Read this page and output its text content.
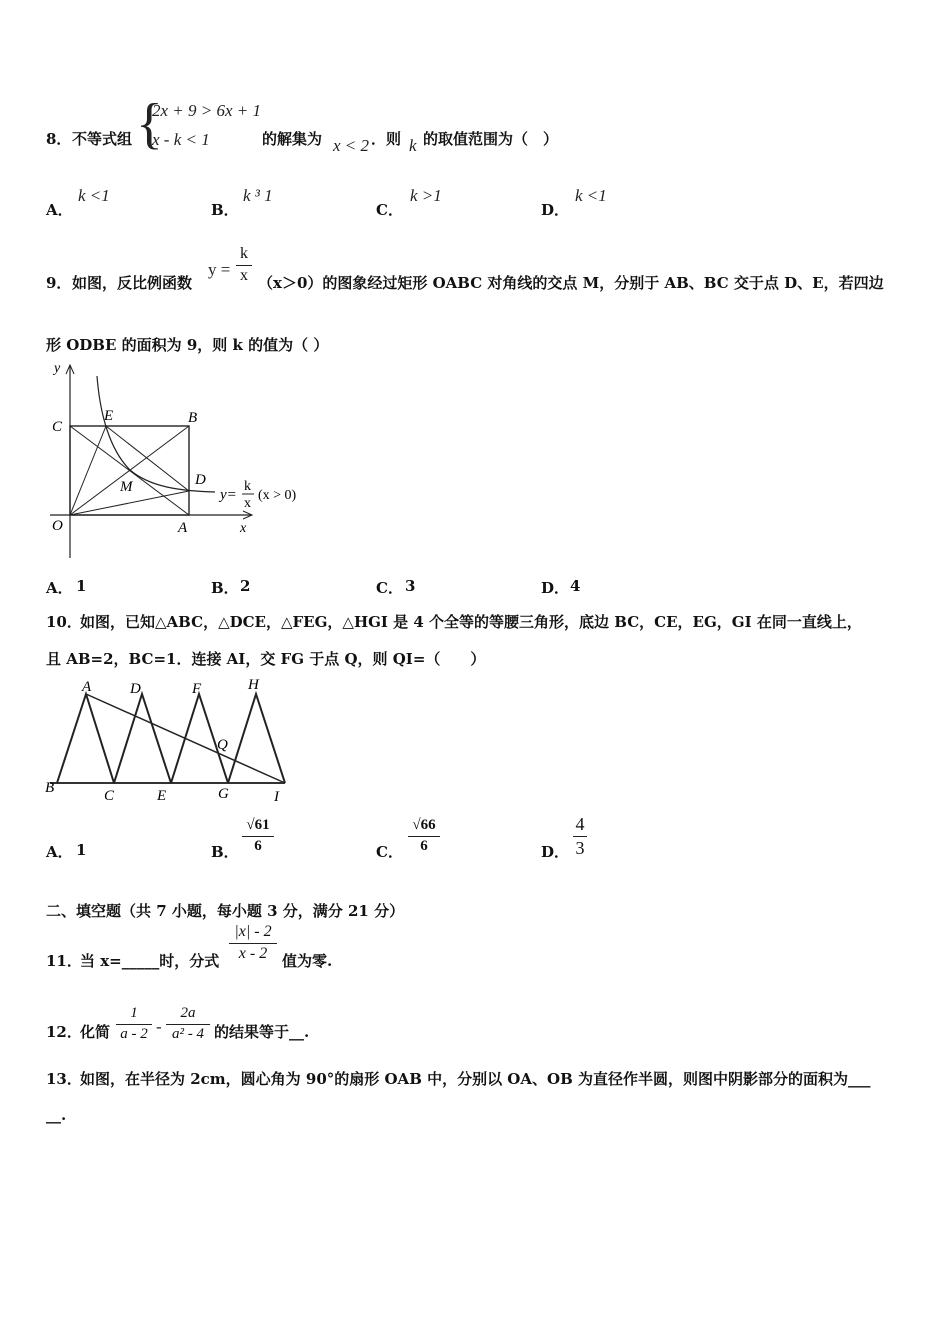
8． 不等式组 {
2x + 9 > 6x + 1
x - k < 1	的解集为 x < 2 ．则 k 的取值范围为（　）
A．
k <1
B．
k ³ 1
C．
k >1
D．
k <1
9． 如图，反比例函数
y =
k
x （x＞0）的图象经过矩形 OABC 对角线的交点 M，分别于 AB、BC 交于点 D、E，若四边
形 ODBE 的面积为 9，则 k 的值为（ ）
y
x
C
E	B
D
M
O	A
y=
k
x
(x > 0)
A． 1	B． 2	C． 3	D． 4
10．
如图，已知△ABC，△DCE，△FEG，△HGI 是 4 个全等的等腰三角形，底边 BC，CE，EG，GI 在同一直线上，
且 AB=2，BC=1．连接 AI，交 FG 于点 Q，则 QI=（　　）
A	D	F	H
Q
B	C	E	G	I
A． 1	B．
√61
6	C．
√66
6	D．
4
3
二、填空题（共 7 小题，每小题 3 分，满分 21 分）
11．
当 x=_____时，分式
|x| - 2
x - 2 值为零.
12．
化简
1
a - 2 -
2a
a² - 4 的结果等于__.
13．
如图，在半径为 2cm，圆心角为 90°的扇形 OAB 中，分别以 OA、OB 为直径作半圆，则图中阴影部分的面积为___
__.
